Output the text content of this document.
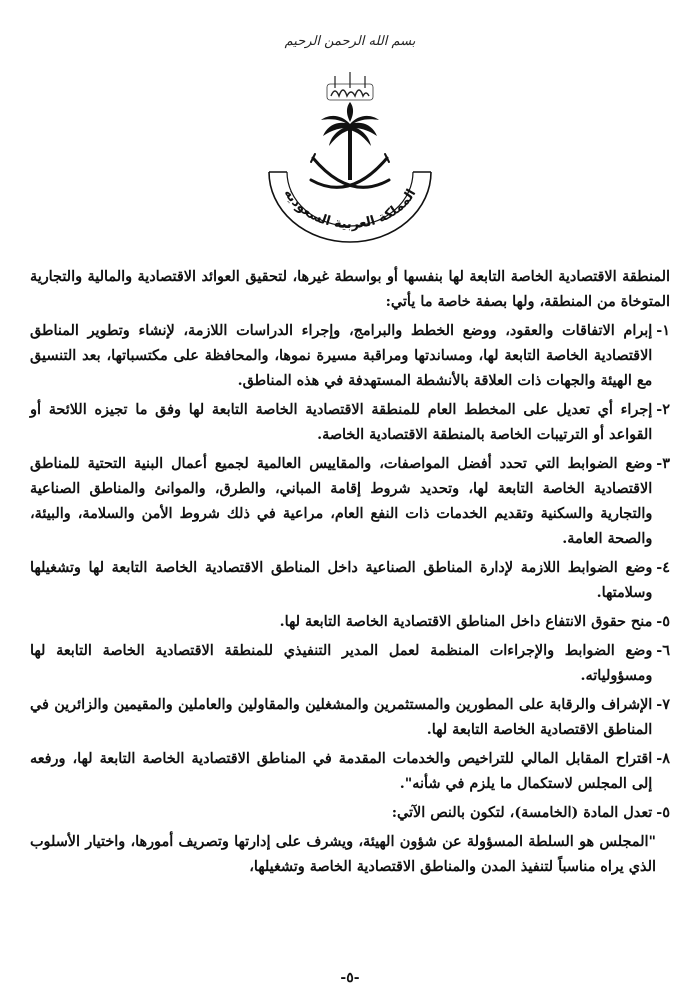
بسم الله الرحمن الرحيم
المملكة العربية السعودية

المنطقة الاقتصادية الخاصة التابعة لها بنفسها أو بواسطة غيرها، لتحقيق العوائد الاقتصادية والمالية والتجارية المتوخاة من المنطقة، ولها بصفة خاصة ما يأتي:

١-
إبرام الاتفاقات والعقود، ووضع الخطط والبرامج، وإجراء الدراسات اللازمة، لإنشاء وتطوير المناطق الاقتصادية الخاصة التابعة لها، ومساندتها ومراقبة مسيرة نموها، والمحافظة على مكتسباتها، بعد التنسيق مع الهيئة والجهات ذات العلاقة بالأنشطة المستهدفة في هذه المناطق.
٢-
إجراء أي تعديل على المخطط العام للمنطقة الاقتصادية الخاصة التابعة لها وفق ما تجيزه اللائحة أو القواعد أو الترتيبات الخاصة بالمنطقة الاقتصادية الخاصة.
٣-
وضع الضوابط التي تحدد أفضل المواصفات، والمقاييس العالمية لجميع أعمال البنية التحتية للمناطق الاقتصادية الخاصة التابعة لها، وتحديد شروط إقامة المباني، والطرق، والموانئ والمناطق الصناعية والتجارية والسكنية وتقديم الخدمات ذات النفع العام، مراعية في ذلك شروط الأمن والسلامة، والبيئة، والصحة العامة.
٤-
وضع الضوابط اللازمة لإدارة المناطق الصناعية داخل المناطق الاقتصادية الخاصة التابعة لها وتشغيلها وسلامتها.
٥-
منح حقوق الانتفاع داخل المناطق الاقتصادية الخاصة التابعة لها.
٦-
وضع الضوابط والإجراءات المنظمة لعمل المدير التنفيذي للمنطقة الاقتصادية الخاصة التابعة لها ومسؤولياته.
٧-
الإشراف والرقابة على المطورين والمستثمرين والمشغلين والمقاولين والعاملين والمقيمين والزائرين في المناطق الاقتصادية الخاصة التابعة لها.
٨-
اقتراح المقابل المالي للتراخيص والخدمات المقدمة في المناطق الاقتصادية الخاصة التابعة لها، ورفعه إلى المجلس لاستكمال ما يلزم في شأنه".
٥-
تعدل المادة (الخامسة)، لتكون بالنص الآتي:

"المجلس هو السلطة المسؤولة عن شؤون الهيئة، ويشرف على إدارتها وتصريف أمورها، واختيار الأسلوب الذي يراه مناسباً لتنفيذ المدن والمناطق الاقتصادية الخاصة وتشغيلها،

-٥-
